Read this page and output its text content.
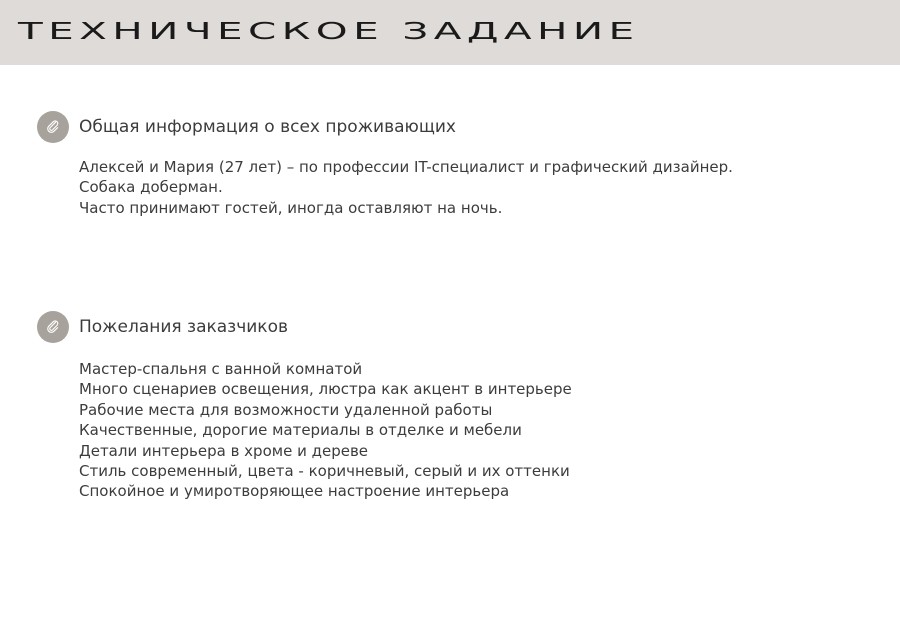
ТЕХНИЧЕСКОЕ ЗАДАНИЕ
Общая информация о всех проживающих
Алексей и Мария (27 лет) – по профессии IT-специалист и графический дизайнер.
Собака доберман.
Часто принимают гостей, иногда оставляют на ночь.
Пожелания заказчиков
Мастер-спальня с ванной комнатой
Много сценариев освещения, люстра как акцент в интерьере
Рабочие места для возможности удаленной работы
Качественные, дорогие материалы в отделке и мебели
Детали интерьера в хроме и дереве
Стиль современный, цвета - коричневый, серый и их оттенки
Спокойное и умиротворяющее настроение интерьера
